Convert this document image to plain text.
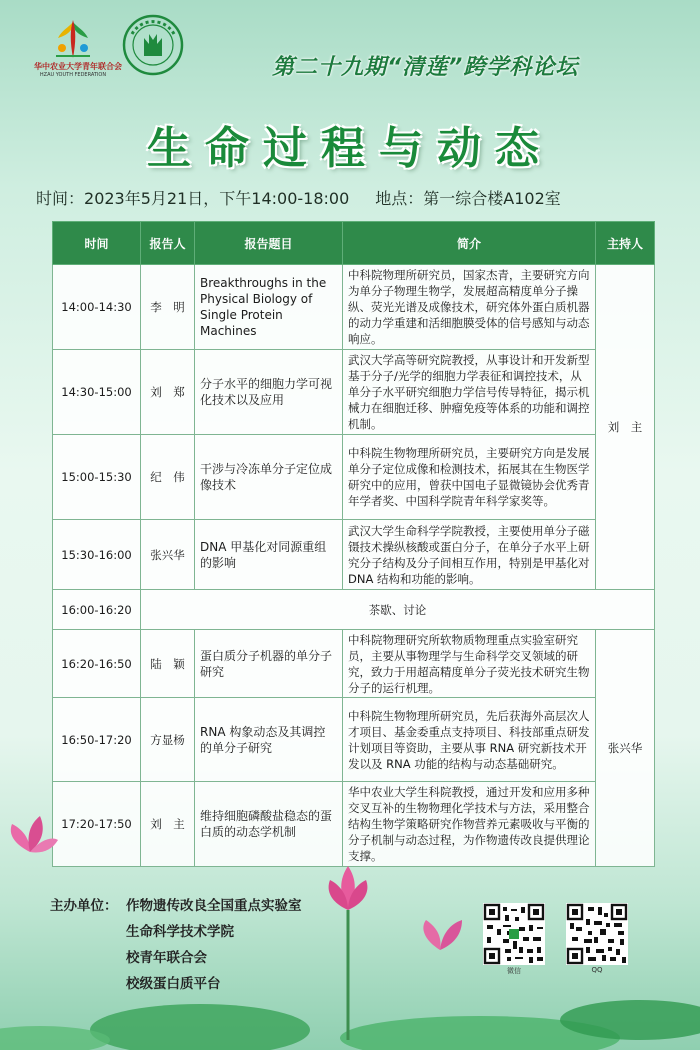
华中农业大学青年联合会
HZAU YOUTH FEDERATION	第二十九期“清莲”跨学科论坛
生命过程与动态
时间：2023年5月21日，下午14:00-18:00 地点：第一综合楼A102室
时间	报告人	报告题目	简介	主持人
14:00-14:30	李　明	Breakthroughs in the Physical Biology of Single Protein Machines	中科院物理所研究员，国家杰青，主要研究方向为单分子物理生物学，发展超高精度单分子操纵、荧光光谱及成像技术，研究体外蛋白质机器的动力学重建和活细胞膜受体的信号感知与动态响应。	刘　主
14:30-15:00	刘　郑	分子水平的细胞力学可视化技术以及应用	武汉大学高等研究院教授，从事设计和开发新型基于分子/光学的细胞力学表征和调控技术，从单分子水平研究细胞力学信号传导特征，揭示机械力在细胞迁移、肿瘤免疫等体系的功能和调控机制。	
15:00-15:30	纪　伟	干涉与冷冻单分子定位成像技术	中科院生物物理所研究员，主要研究方向是发展单分子定位成像和检测技术，拓展其在生物医学研究中的应用，曾获中国电子显微镜协会优秀青年学者奖、中国科学院青年科学家奖等。	
15:30-16:00	张兴华	DNA 甲基化对同源重组的影响	武汉大学生命科学学院教授，主要使用单分子磁镊技术操纵核酸或蛋白分子，在单分子水平上研究分子结构及分子间相互作用，特别是甲基化对 DNA 结构和功能的影响。	
16:00-16:20	茶歇、讨论			
16:20-16:50	陆　颖	蛋白质分子机器的单分子研究	中科院物理研究所软物质物理重点实验室研究员，主要从事物理学与生命科学交叉领域的研究，致力于用超高精度单分子荧光技术研究生物分子的运行机理。	张兴华
16:50-17:20	方显杨	RNA 构象动态及其调控的单分子研究	中科院生物物理所研究员，先后获海外高层次人才项目、基金委重点支持项目、科技部重点研发计划项目等资助，主要从事 RNA 研究新技术开发以及 RNA 功能的结构与动态基础研究。	
17:20-17:50	刘　主	维持细胞磷酸盐稳态的蛋白质的动态学机制	华中农业大学生科院教授，通过开发和应用多种交叉互补的生物物理化学技术与方法，采用整合结构生物学策略研究作物营养元素吸收与平衡的分子机制与动态过程，为作物遗传改良提供理论支撑。	
主办单位： 作物遗传改良全国重点实验室
生命科学技术学院
校青年联合会
校级蛋白质平台
微信	QQ
